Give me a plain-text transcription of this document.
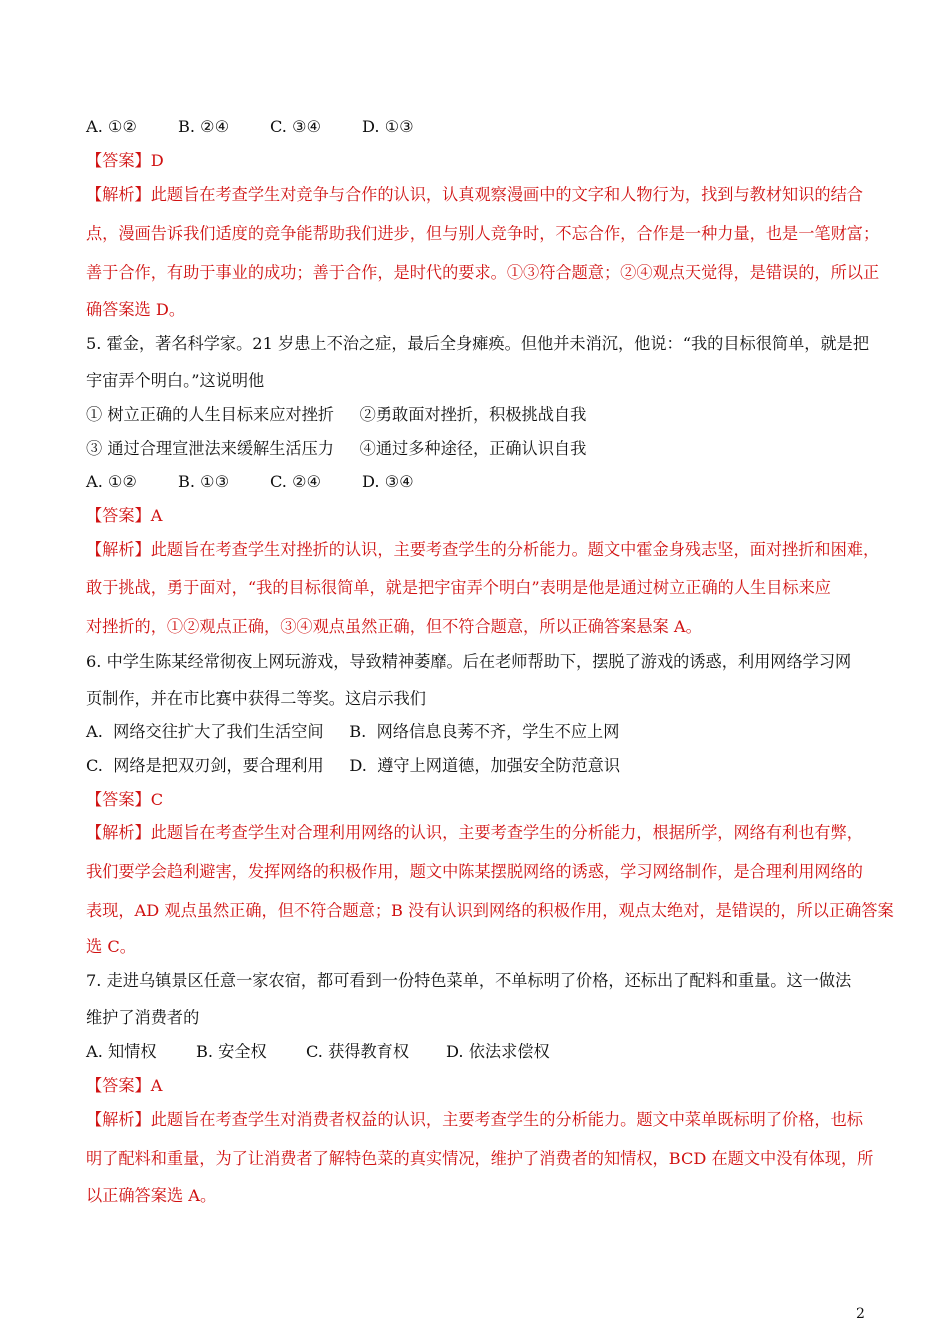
A. ①②	B. ②④	C. ③④	D. ①③
【答案】D
【解析】此题旨在考查学生对竞争与合作的认识，认真观察漫画中的文字和人物行为，找到与教材知识的结合
点，漫画告诉我们适度的竞争能帮助我们进步，但与别人竞争时，不忘合作，合作是一种力量，也是一笔财富；
善于合作，有助于事业的成功；善于合作，是时代的要求。①③符合题意；②④观点天觉得，是错误的，所以正
确答案选 D。
5. 霍金，著名科学家。21 岁患上不治之症，最后全身瘫痪。但他并未消沉，他说：“我的目标很简单，就是把
宇宙弄个明白。”这说明他
① 树立正确的人生目标来应对挫折     ②勇敢面对挫折，积极挑战自我
③ 通过合理宣泄法来缓解生活压力     ④通过多种途径，正确认识自我
A. ①②	B. ①③	C. ②④	D. ③④
【答案】A
【解析】此题旨在考查学生对挫折的认识，主要考查学生的分析能力。题文中霍金身残志坚，面对挫折和困难，
敢于挑战，勇于面对，“我的目标很简单，就是把宇宙弄个明白”表明是他是通过树立正确的人生目标来应
对挫折的，①②观点正确，③④观点虽然正确，但不符合题意，所以正确答案悬案 A。
6. 中学生陈某经常彻夜上网玩游戏，导致精神萎靡。后在老师帮助下，摆脱了游戏的诱惑，利用网络学习网
页制作，并在市比赛中获得二等奖。这启示我们
A.  网络交往扩大了我们生活空间     B.  网络信息良莠不齐，学生不应上网
C.  网络是把双刃剑，要合理利用     D.  遵守上网道德，加强安全防范意识
【答案】C
【解析】此题旨在考查学生对合理利用网络的认识，主要考查学生的分析能力，根据所学，网络有利也有弊，
我们要学会趋利避害，发挥网络的积极作用，题文中陈某摆脱网络的诱惑，学习网络制作，是合理利用网络的
表现，AD 观点虽然正确，但不符合题意；B 没有认识到网络的积极作用，观点太绝对，是错误的，所以正确答案
选 C。
7. 走进乌镇景区任意一家农宿，都可看到一份特色菜单，不单标明了价格，还标出了配料和重量。这一做法
维护了消费者的
A. 知情权 B. 安全权 C. 获得教育权 D. 依法求偿权
【答案】A
【解析】此题旨在考查学生对消费者权益的认识，主要考查学生的分析能力。题文中菜单既标明了价格，也标
明了配料和重量，为了让消费者了解特色菜的真实情况，维护了消费者的知情权，BCD 在题文中没有体现，所
以正确答案选 A。
2
